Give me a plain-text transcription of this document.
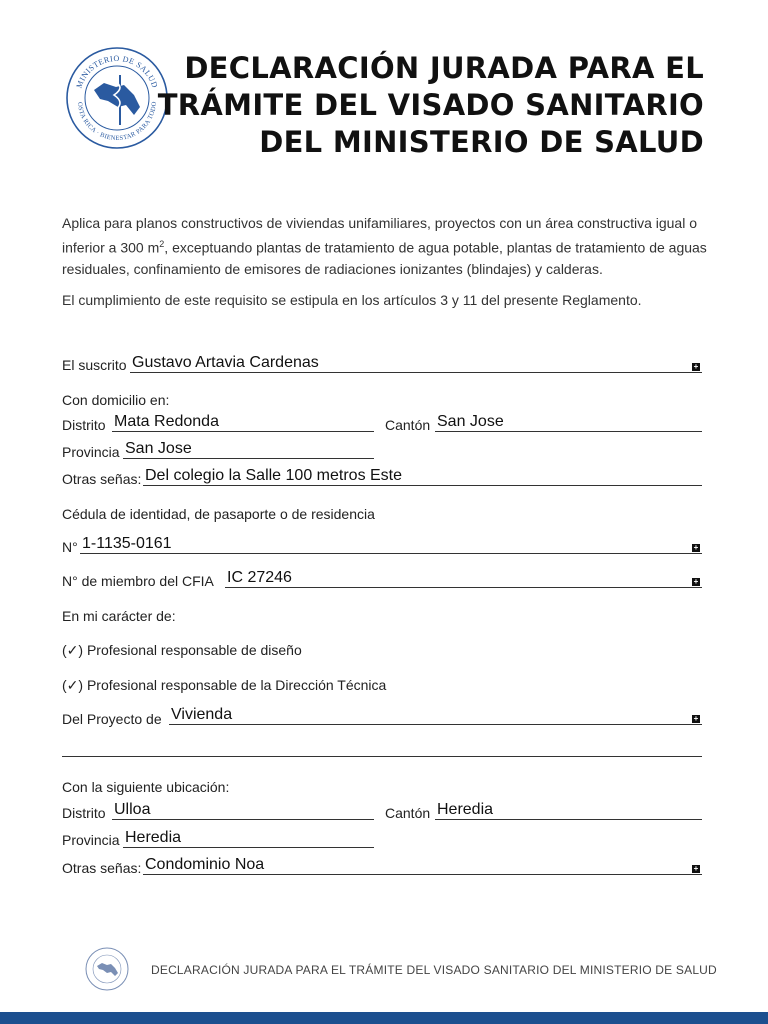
MINISTERIO DE SALUD
OSTA RICA · BIENESTAR PARA TODO
DECLARACIÓN JURADA PARA EL
TRÁMITE DEL VISADO SANITARIO
DEL MINISTERIO DE SALUD
Aplica para planos constructivos de viviendas unifamiliares, proyectos con un área constructiva igual o inferior a 300 $m^2$, exceptuando plantas de tratamiento de agua potable, plantas de tratamiento de aguas residuales, confinamiento de emisores de radiaciones ionizantes (blindajes) y calderas.
El cumplimiento de este requisito se estipula en los artículos 3 y 11 del presente Reglamento.
El suscrito Gustavo Artavia Cardenas	+
Con domicilio en:
Distrito Mata Redonda	Cantón San Jose
Provincia San Jose
Otras señas: Del colegio la Salle 100 metros Este
Cédula de identidad, de pasaporte o de residencia
N° 1-1135-0161	+
N° de miembro del CFIA IC 27246	+
En mi carácter de:
(✓) Profesional responsable de diseño
(✓) Profesional responsable de la Dirección Técnica
Del Proyecto de Vivienda	+
Con la siguiente ubicación:
Distrito Ulloa	Cantón Heredia
Provincia Heredia
Otras señas: Condominio Noa	+
DECLARACIÓN JURADA PARA EL TRÁMITE DEL VISADO SANITARIO DEL MINISTERIO DE SALUD
